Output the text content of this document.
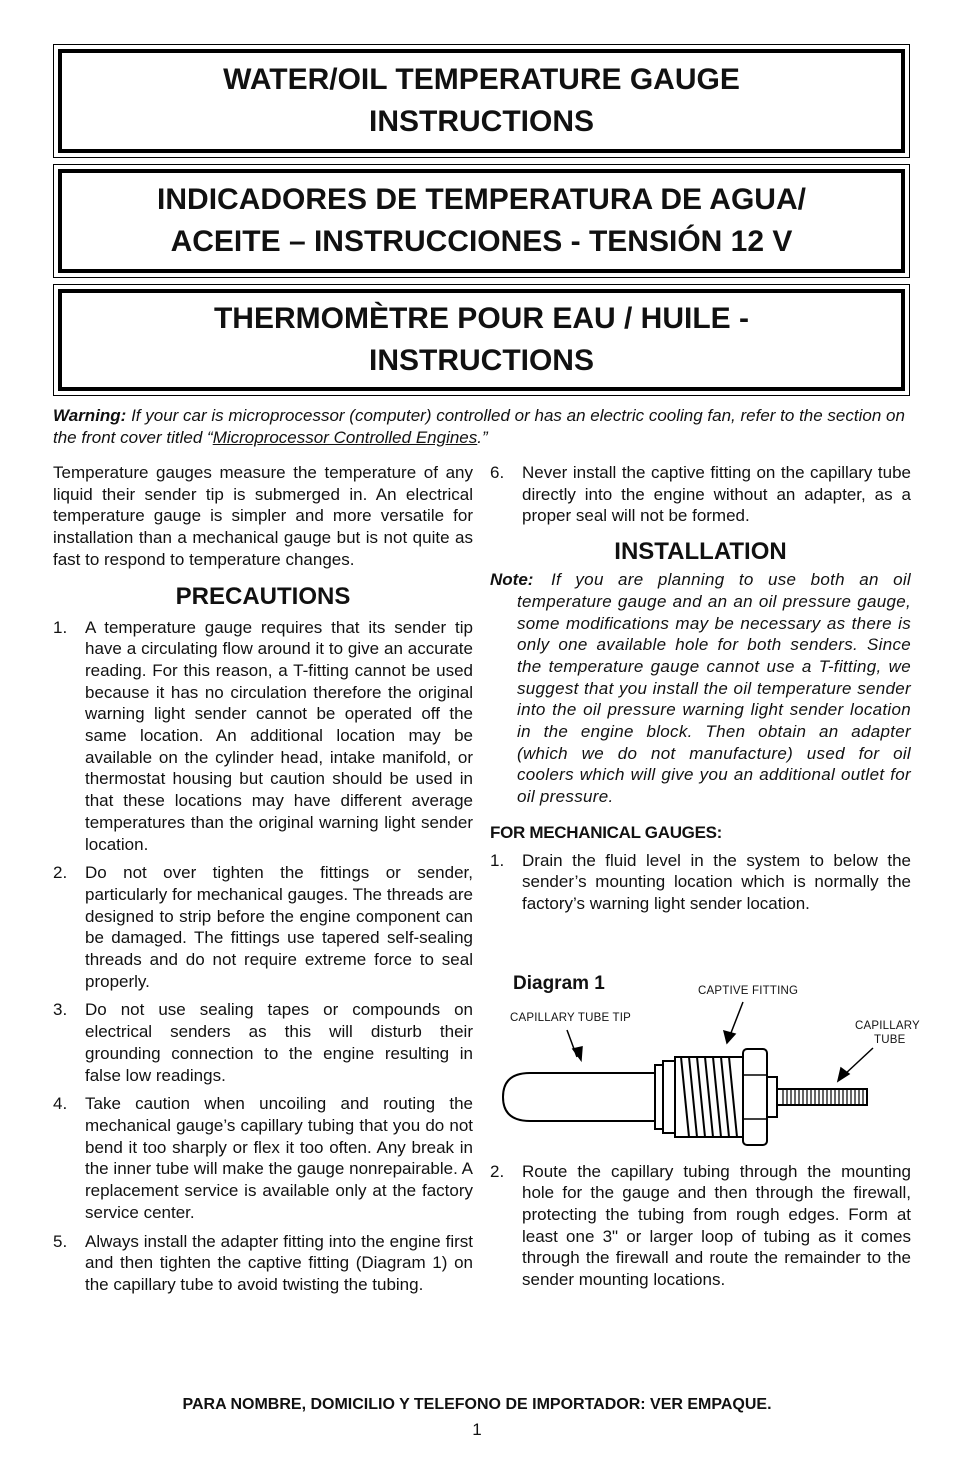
WATER/OIL TEMPERATURE GAUGE
INSTRUCTIONS
INDICADORES DE TEMPERATURA DE AGUA/
ACEITE – INSTRUCCIONES - TENSIÓN 12 V
THERMOMÈTRE POUR EAU / HUILE -
INSTRUCTIONS
Warning: If your car is microprocessor (computer) controlled or has an electric cooling fan, refer to the section on the front cover titled “Microprocessor Controlled Engines.”

Temperature gauges measure the temperature of any liquid their sender tip is submerged in. An electrical temperature gauge is simpler and more versatile for installation than a mechanical gauge but is not quite as fast to respond to temperature changes.

PRECAUTIONS
1.	A temperature gauge requires that its sender tip have a circulating flow around it to give an accurate reading. For this reason, a T-fitting cannot be used because it has no circulation therefore the original warning light sender cannot be operated off the same location. An additional location may be available on the cylinder head, intake manifold, or thermostat housing but caution should be used in that these locations may have different average temperatures than the original warning light sender location.
2.	Do not over tighten the fittings or sender, particularly for mechanical gauges. The threads are designed to strip before the engine component can be damaged. The fittings use tapered self-sealing threads and do not require extreme force to seal properly.
3.	Do not use sealing tapes or compounds on electrical senders as this will disturb their grounding connection to the engine resulting in false low readings.
4.	Take caution when uncoiling and routing the mechanical gauge’s capillary tubing that you do not bend it too sharply or flex it too often. Any break in the inner tube will make the gauge nonrepairable. A replacement service is available only at the factory service center.
5.	Always install the adapter fitting into the engine first and then tighten the captive fitting (Diagram 1) on the capillary tube to avoid twisting the tubing.
6.	Never install the captive fitting on the capillary tube directly into the engine without an adapter, as a proper seal will not be formed.
INSTALLATION
Note:	If you are planning to use both an oil temperature gauge and an an oil pressure gauge, some modifications may be necessary as there is only one available hole for both senders. Since the temperature gauge cannot use a T-fitting, we suggest that you install the oil temperature sender into the oil pressure warning light sender location in the engine block. Then obtain an adapter (which we do not manufacture) used for oil coolers which will give you an additional outlet for oil pressure.
FOR MECHANICAL GAUGES:
1.	Drain the fluid level in the system to below the sender’s mounting location which is normally the factory’s warning light sender location.
2.	Route the capillary tubing through the mounting hole for the gauge and then through the firewall, protecting the tubing from rough edges. Form at least one 3" or larger loop of tubing as it comes through the firewall and route the remainder to the sender mounting locations.
Diagram 1
CAPILLARY TUBE TIP
CAPTIVE FITTING
CAPILLARY
TUBE
PARA NOMBRE, DOMICILIO Y TELEFONO DE IMPORTADOR: VER EMPAQUE.
1
